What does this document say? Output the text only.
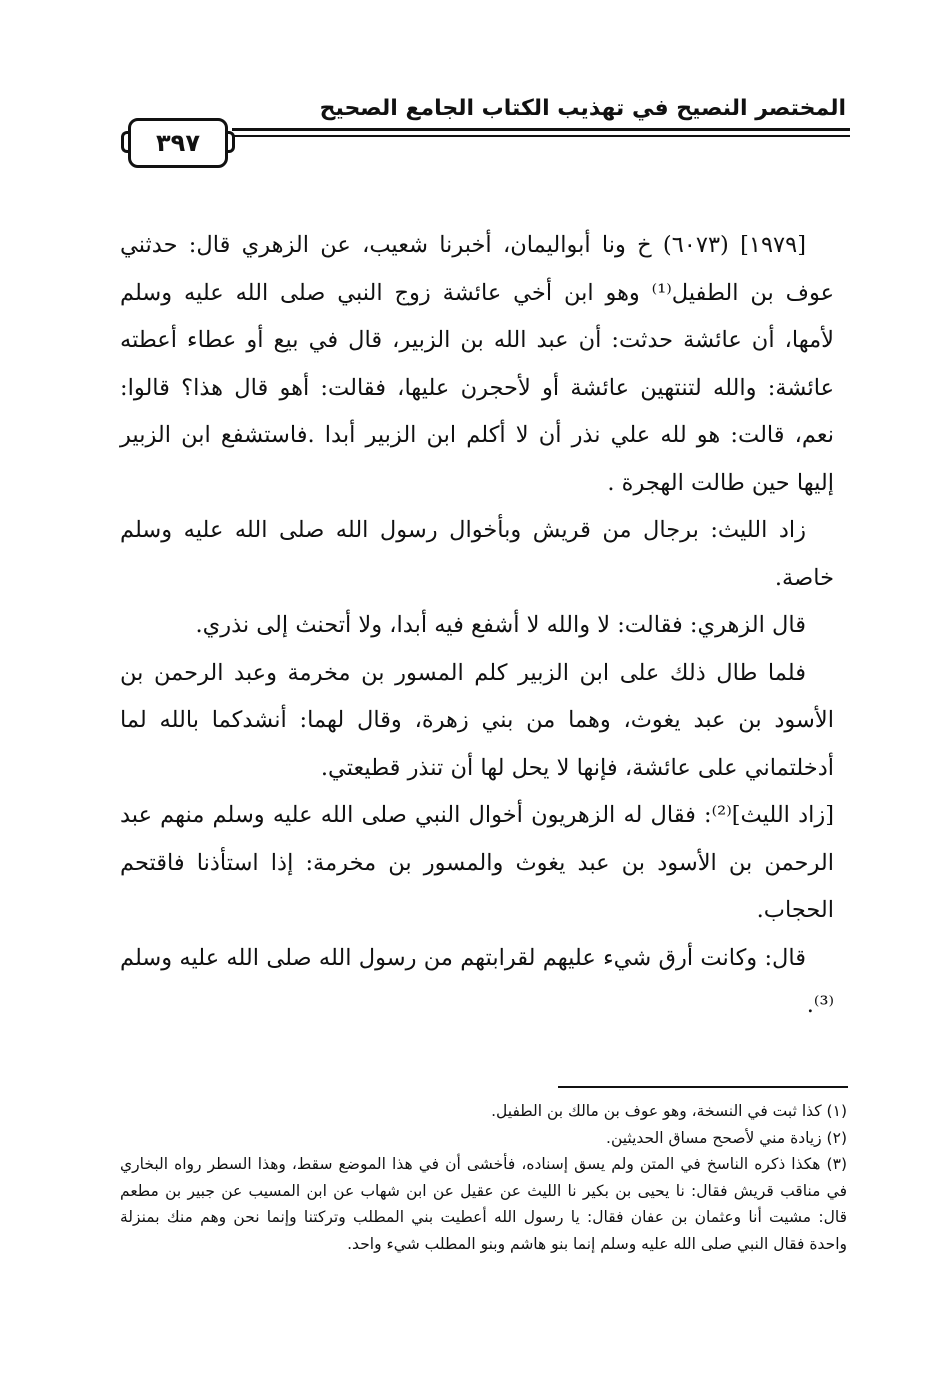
المختصر النصيح في تهذيب الكتاب الجامع الصحيح
٣٩٧

[١٩٧٩] (٦٠٧٣) خ ونا أبواليمان، أخبرنا شعيب، عن الزهري قال: حدثني عوف بن الطفيل⁽¹⁾ وهو ابن أخي عائشة زوج النبي صلى الله عليه وسلم لأمها، أن عائشة حدثت: أن عبد الله بن الزبير، قال في بيع أو عطاء أعطته عائشة: والله لتنتهين عائشة أو لأحجرن عليها، فقالت: أهو قال هذا؟ قالوا: نعم، قالت: هو لله علي نذر أن لا أكلم ابن الزبير أبدا .فاستشفع ابن الزبير إليها حين طالت الهجرة .

زاد الليث: برجال من قريش وبأخوال رسول الله صلى الله عليه وسلم خاصة.

قال الزهري: فقالت: لا والله لا أشفع فيه أبدا، ولا أتحنث إلى نذري.

فلما طال ذلك على ابن الزبير كلم المسور بن مخرمة وعبد الرحمن بن الأسود بن عبد يغوث، وهما من بني زهرة، وقال لهما: أنشدكما بالله لما أدخلتماني على عائشة، فإنها لا يحل لها أن تنذر قطيعتي.

[زاد الليث]⁽²⁾: فقال له الزهريون أخوال النبي صلى الله عليه وسلم منهم عبد الرحمن بن الأسود بن عبد يغوث والمسور بن مخرمة: إذا استأذنا فاقتحم الحجاب.

قال: وكانت أرق شيء عليهم لقرابتهم من رسول الله صلى الله عليه وسلم ⁽³⁾.

(١) كذا ثبت في النسخة، وهو عوف بن مالك بن الطفيل.

(٢) زيادة مني لأصحح مساق الحديثين.

(٣) هكذا ذكره الناسخ في المتن ولم يسق إسناده، فأخشى أن في هذا الموضع سقط، وهذا السطر رواه البخاري في مناقب قريش فقال: نا يحيى بن بكير نا الليث عن عقيل عن ابن شهاب عن ابن المسيب عن جبير بن مطعم قال: مشيت أنا وعثمان بن عفان فقال: يا رسول الله أعطيت بني المطلب وتركتنا وإنما نحن وهم منك بمنزلة واحدة فقال النبي صلى الله عليه وسلم إنما بنو هاشم وبنو المطلب شيء واحد.
